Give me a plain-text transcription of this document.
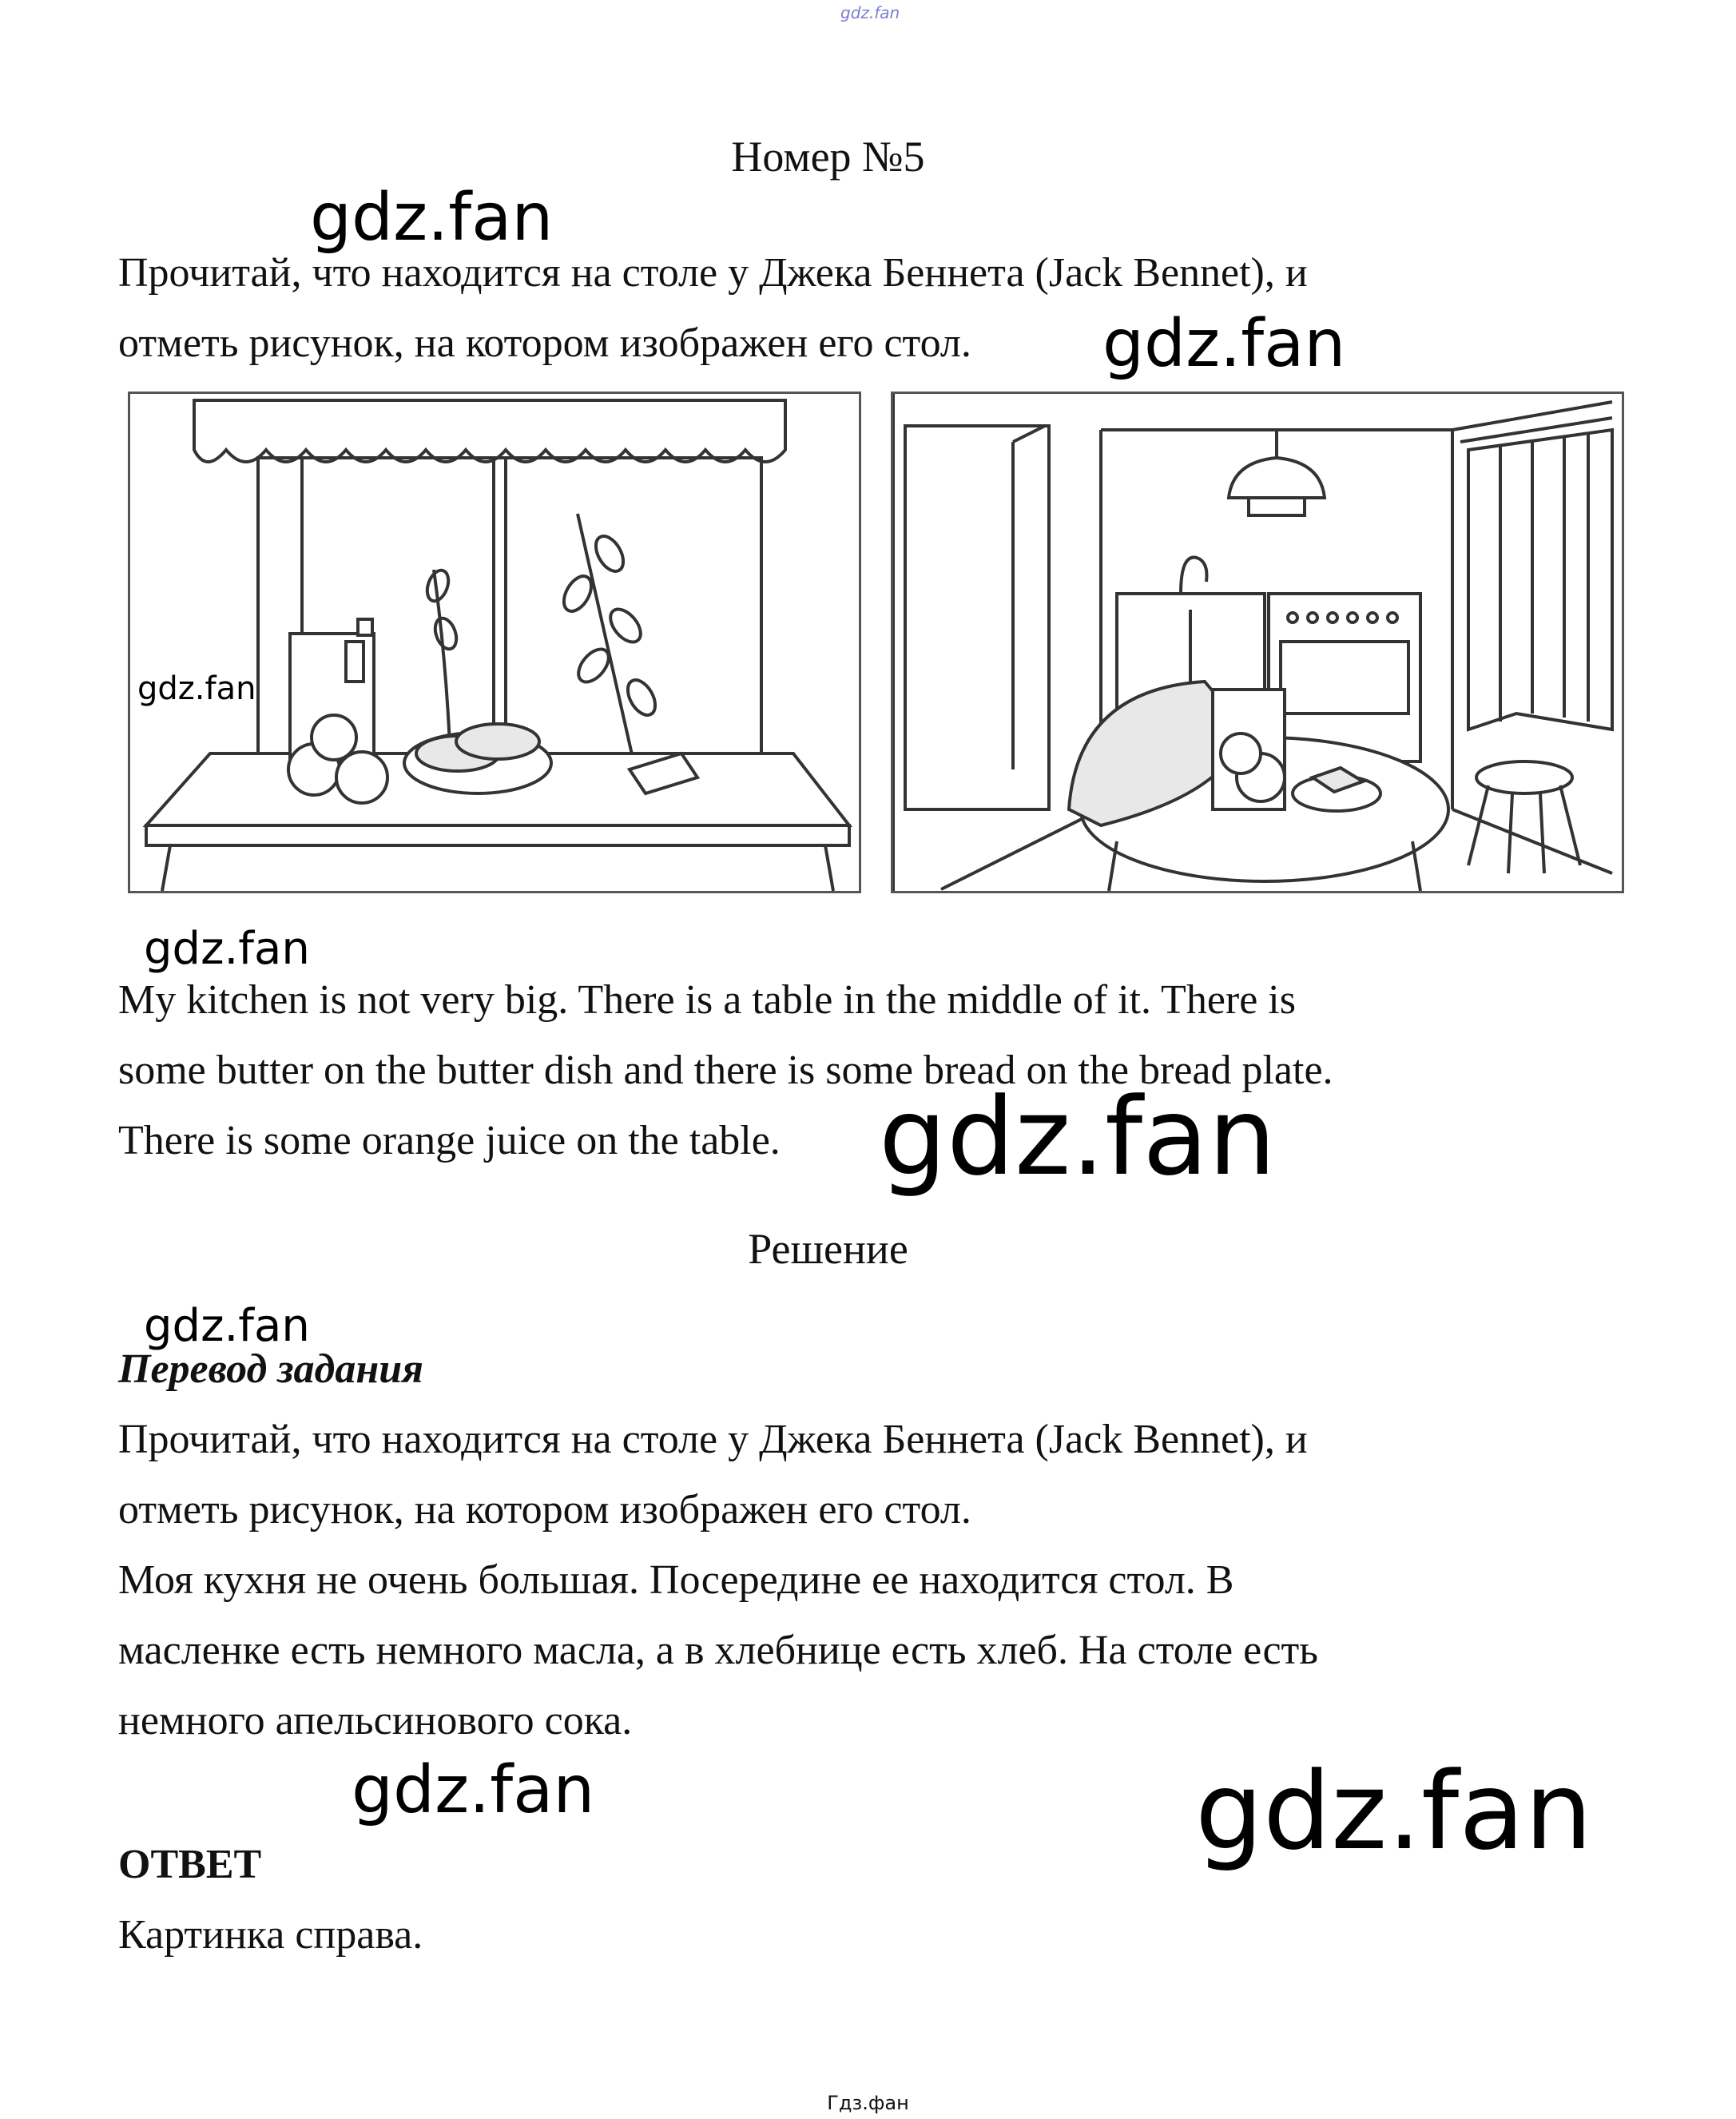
gdz.fan
Номер №5
Прочитай, что находится на столе у Джека Беннета (Jack Bennet), и
отметь рисунок, на котором изображен его стол.
My kitchen is not very big. There is a table in the middle of it. There is
some butter on the butter dish and there is some bread on the bread plate.
There is some orange juice on the table.
Решение
Перевод задания
Прочитай, что находится на столе у Джека Беннета (Jack Bennet), и
отметь рисунок, на котором изображен его стол.
Моя кухня не очень большая. Посередине ее находится стол. В
масленке есть немного масла, а в хлебнице есть хлеб. На столе есть
немного апельсинового сока.
ОТВЕТ
Картинка справа.
gdz.fan
gdz.fan
gdz.fan
gdz.fan
gdz.fan
gdz.fan
gdz.fan	gdz.fan
Гдз.фан
